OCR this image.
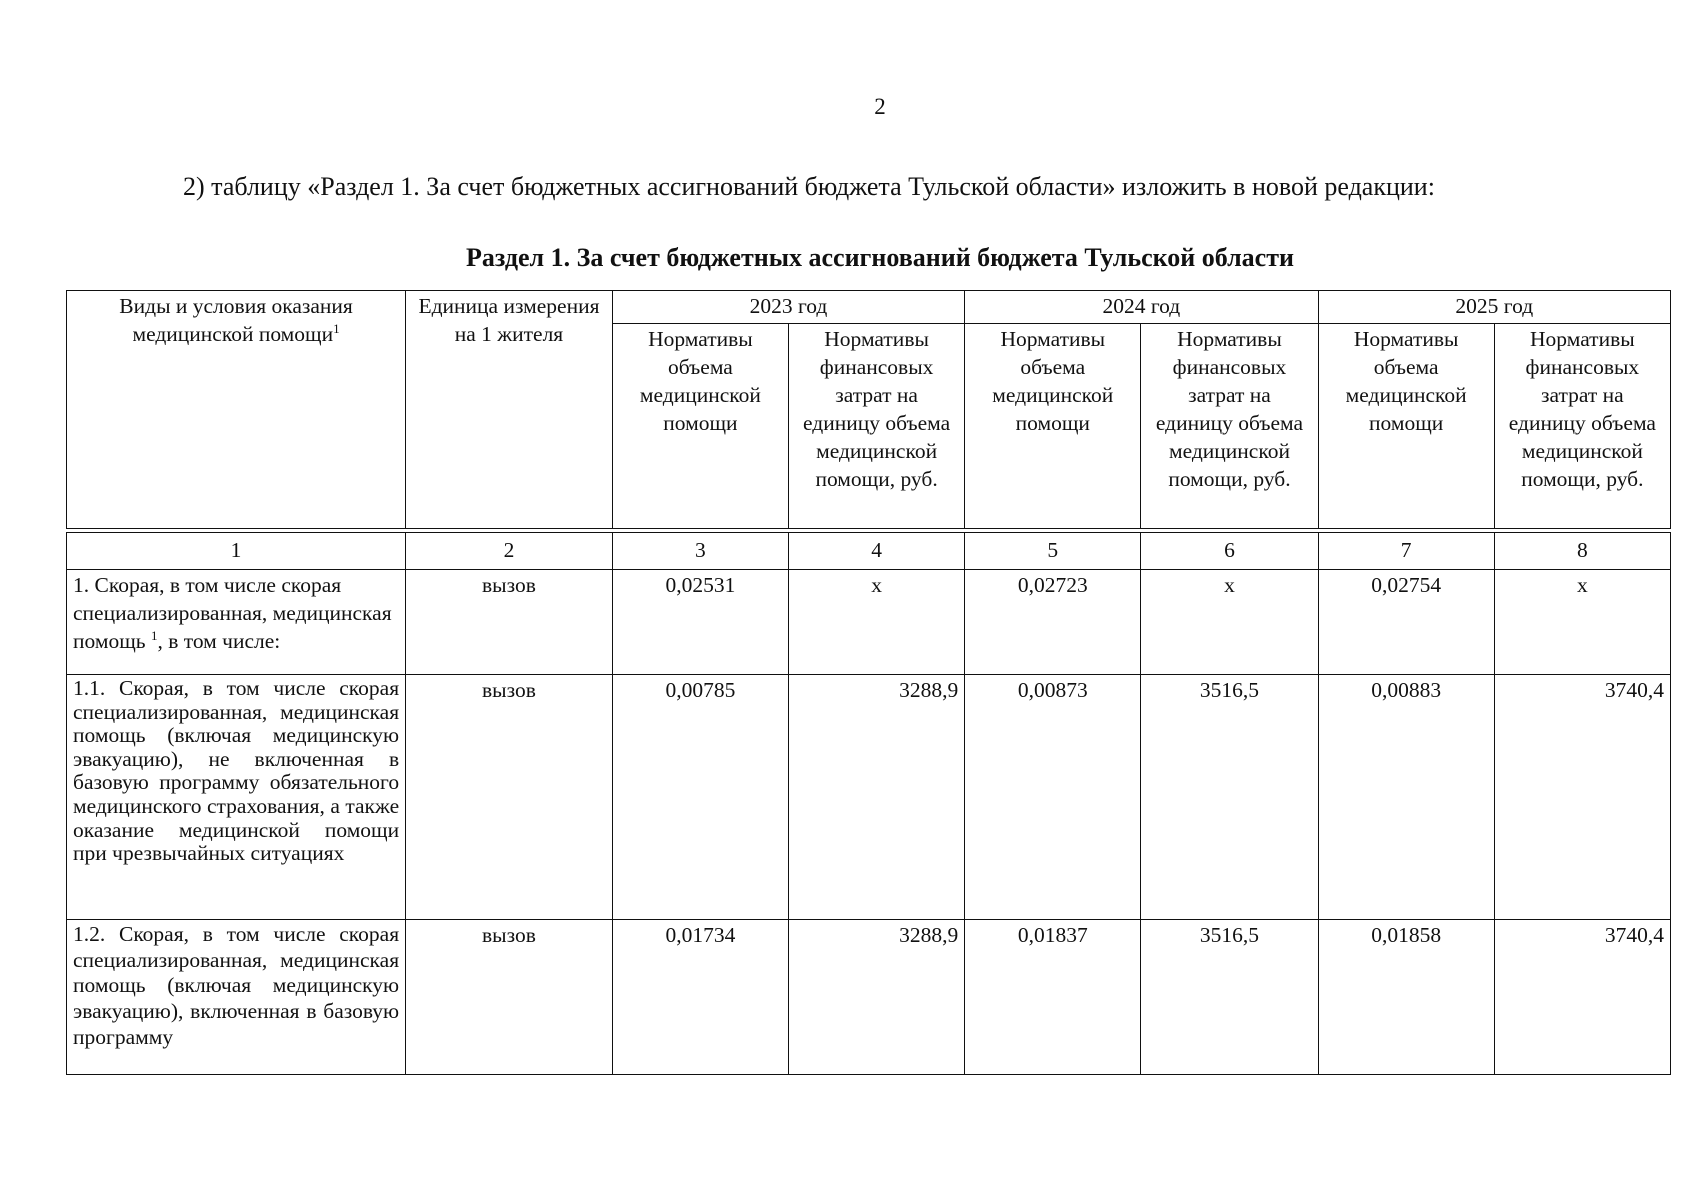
2
2) таблицу «Раздел 1. За счет бюджетных ассигнований бюджета Тульской области» изложить в новой редакции:
Раздел 1. За счет бюджетных ассигнований бюджета Тульской области
Виды и условия оказания медицинской помощи$^1$	Единица измерения на 1 жителя	2023 год		2024 год		2025 год	
		Нормативы объема медицинской помощи	Нормативы финансовых затрат на единицу объема медицинской помощи, руб.	Нормативы объема медицинской помощи	Нормативы финансовых затрат на единицу объема медицинской помощи, руб.	Нормативы объема медицинской помощи	Нормативы финансовых затрат на единицу объема медицинской помощи, руб.

1	2	3	4	5	6	7	8
1. Скорая, в том числе скорая специализированная, медицинская помощь $^1$, в том числе:	вызов	0,02531	х	0,02723	х	0,02754	х
1.1. Скорая, в том числе скорая специализированная, медицинская помощь (включая медицинскую эвакуацию), не включенная в базовую программу обязательного медицинского страхования, а также оказание медицинской помощи при чрезвычайных ситуациях	вызов	0,00785	3288,9	0,00873	3516,5	0,00883	3740,4
1.2. Скорая, в том числе скорая специализированная, медицинская помощь (включая медицинскую эвакуацию), включенная в базовую программу	вызов	0,01734	3288,9	0,01837	3516,5	0,01858	3740,4
